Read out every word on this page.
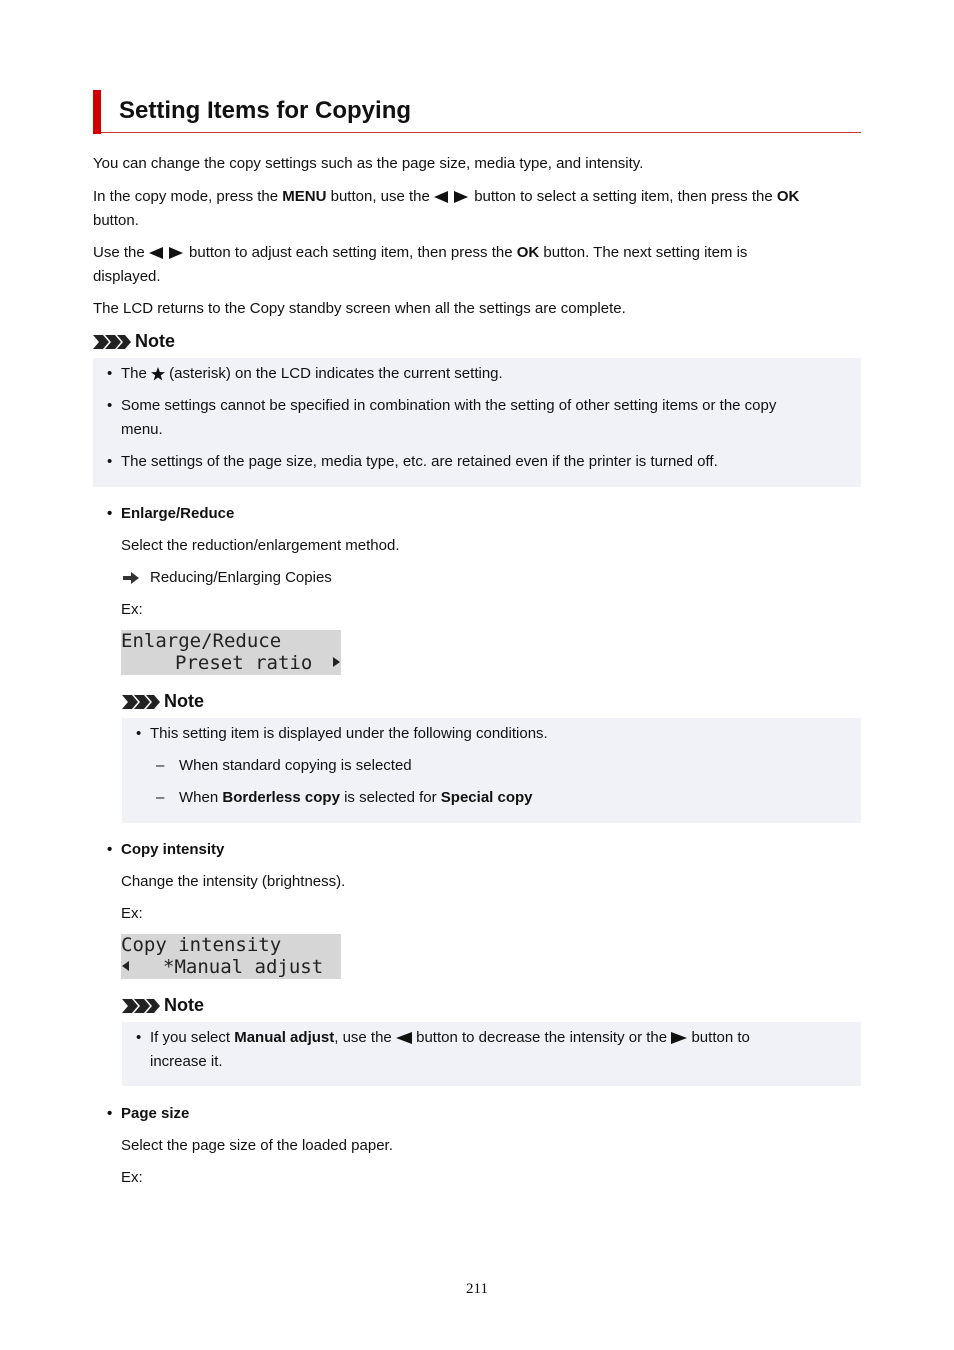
Setting Items for Copying
You can change the copy settings such as the page size, media type, and intensity.
In the copy mode, press the MENU button, use the  button to select a setting item, then press the OK
button.
Use the  button to adjust each setting item, then press the OK button. The next setting item is
displayed.
The LCD returns to the Copy standby screen when all the settings are complete.
Note
• The  (asterisk) on the LCD indicates the current setting.
• Some settings cannot be specified in combination with the setting of other setting items or the copy
menu.
• The settings of the page size, media type, etc. are retained even if the printer is turned off.
• Enlarge/Reduce
Select the reduction/enlargement method.
Reducing/Enlarging Copies
Ex:
Enlarge/Reduce
Preset ratio
Note
• This setting item is displayed under the following conditions.
– When standard copying is selected
– When Borderless copy is selected for Special copy
• Copy intensity
Change the intensity (brightness).
Ex:
Copy intensity
*Manual adjust
Note
• If you select Manual adjust, use the  button to decrease the intensity or the  button to
increase it.
• Page size
Select the page size of the loaded paper.
Ex:
211
